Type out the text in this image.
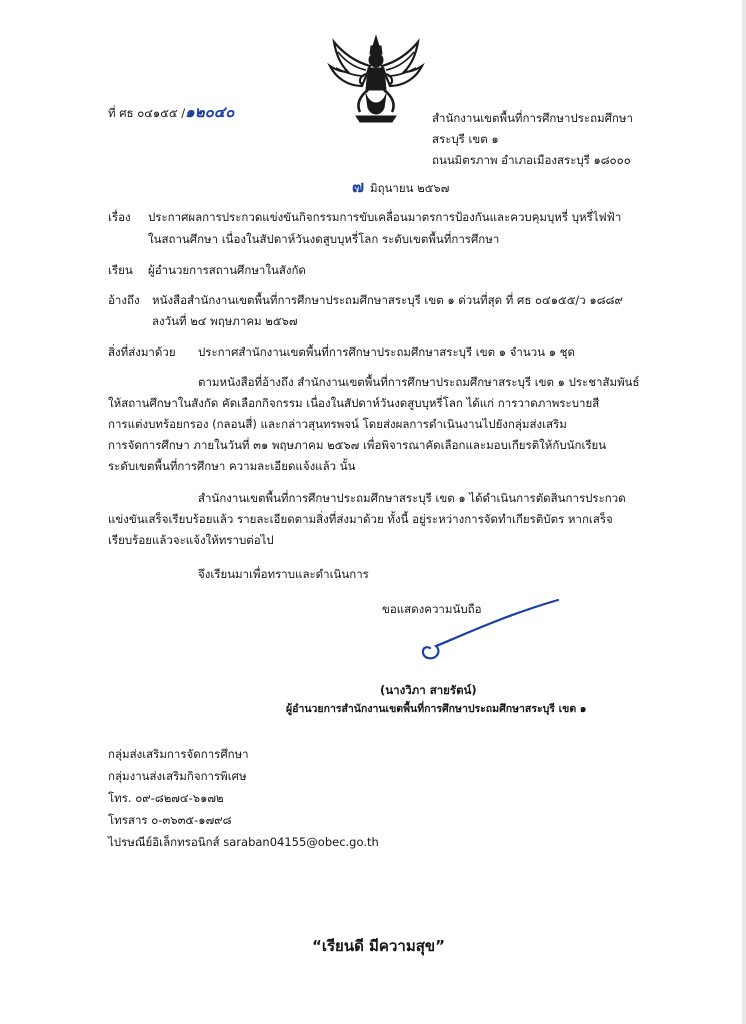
ที่ ศธ ๐๔๑๕๕ /๑๒๐๔๐	สำนักงานเขตพื้นที่การศึกษาประถมศึกษา
สระบุรี เขต ๑
ถนนมิตรภาพ อำเภอเมืองสระบุรี ๑๘๐๐๐
๗ มิถุนายน ๒๕๖๗
เรื่อง ประกาศผลการประกวดแข่งขันกิจกรรมการขับเคลื่อนมาตรการป้องกันและควบคุมบุหรี่ บุหรี่ไฟฟ้า
ในสถานศึกษา เนื่องในสัปดาห์วันงดสูบบุหรี่โลก ระดับเขตพื้นที่การศึกษา
เรียน ผู้อำนวยการสถานศึกษาในสังกัด
อ้างถึง หนังสือสำนักงานเขตพื้นที่การศึกษาประถมศึกษาสระบุรี เขต ๑ ด่วนที่สุด ที่ ศธ ๐๔๑๕๕/ว ๑๘๘๙
ลงวันที่ ๒๔ พฤษภาคม ๒๕๖๗
สิ่งที่ส่งมาด้วย ประกาศสำนักงานเขตพื้นที่การศึกษาประถมศึกษาสระบุรี เขต ๑ จำนวน ๑ ชุด
ตามหนังสือที่อ้างถึง สำนักงานเขตพื้นที่การศึกษาประถมศึกษาสระบุรี เขต ๑ ประชาสัมพันธ์
ให้สถานศึกษาในสังกัด คัดเลือกกิจกรรม เนื่องในสัปดาห์วันงดสูบบุหรี่โลก ได้แก่ การวาดภาพระบายสี
การแต่งบทร้อยกรอง (กลอนสี่) และกล่าวสุนทรพจน์ โดยส่งผลการดำเนินงานไปยังกลุ่มส่งเสริม
การจัดการศึกษา ภายในวันที่ ๓๑ พฤษภาคม ๒๕๖๗ เพื่อพิจารณาคัดเลือกและมอบเกียรติให้กับนักเรียน
ระดับเขตพื้นที่การศึกษา ความละเอียดแจ้งแล้ว นั้น
สำนักงานเขตพื้นที่การศึกษาประถมศึกษาสระบุรี เขต ๑ ได้ดำเนินการตัดสินการประกวด
แข่งขันเสร็จเรียบร้อยแล้ว รายละเอียดตามสิ่งที่ส่งมาด้วย ทั้งนี้ อยู่ระหว่างการจัดทำเกียรติบัตร หากเสร็จ
เรียบร้อยแล้วจะแจ้งให้ทราบต่อไป
จึงเรียนมาเพื่อทราบและดำเนินการ
ขอแสดงความนับถือ
(นางวิภา สายรัตน์)
ผู้อำนวยการสำนักงานเขตพื้นที่การศึกษาประถมศึกษาสระบุรี เขต ๑
กลุ่มส่งเสริมการจัดการศึกษา
กลุ่มงานส่งเสริมกิจการพิเศษ
โทร. ๐๙-๘๒๗๔-๖๑๗๒
โทรสาร ๐-๓๖๓๕-๑๗๙๘
ไปรษณีย์อิเล็กทรอนิกส์ saraban04155@obec.go.th
“เรียนดี มีความสุข”
